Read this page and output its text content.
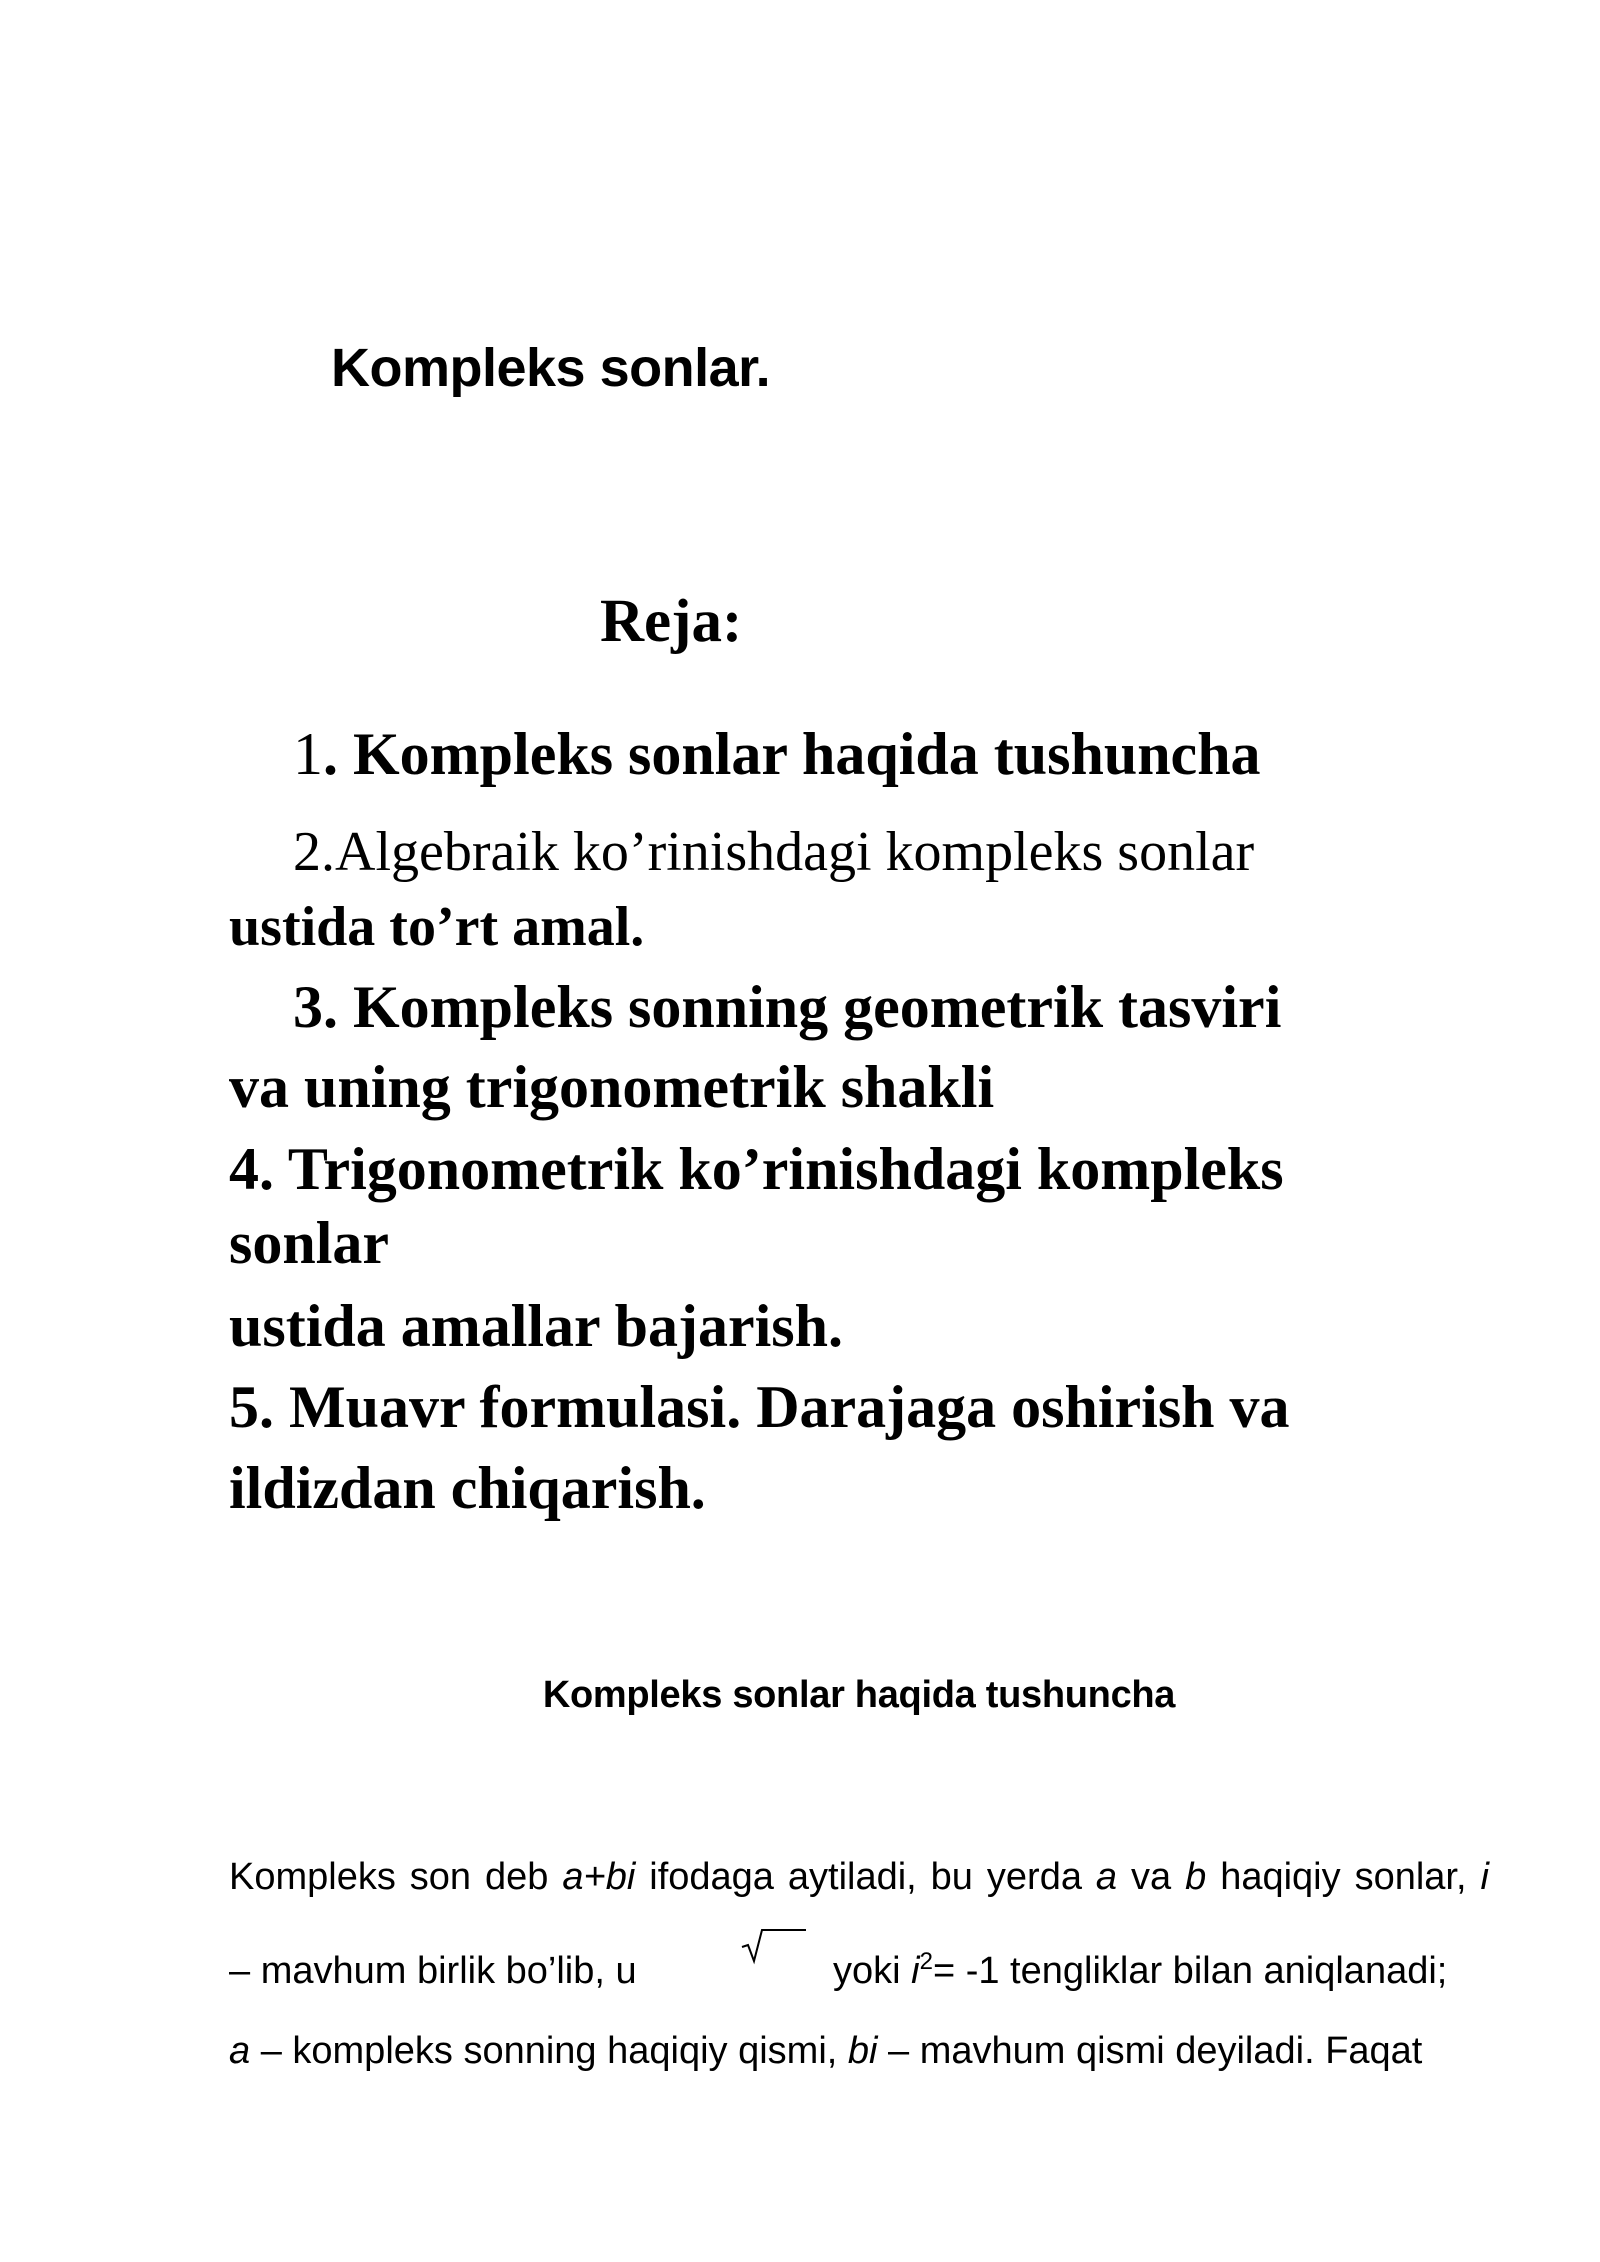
Kompleks sonlar.
Reja:

1. Kompleks sonlar haqida tushuncha

2.Algebraik ko’rinishdagi kompleks sonlar

ustida to’rt amal.

3. Kompleks sonning geometrik tasviri

va uning trigonometrik shakli

4. Trigonometrik ko’rinishdagi kompleks

sonlar

ustida amallar bajarish.

5. Muavr formulasi. Darajaga oshirish va

ildizdan chiqarish.

Kompleks sonlar haqida tushuncha

Kompleks son deb a+bi ifodaga aytiladi, bu yerda a va b haqiqiy sonlar, i

– mavhum birlik bo’lib, u	yoki $i^2= -1$ tengliklar bilan aniqlanadi;

a – kompleks sonning haqiqiy qismi, bi – mavhum qismi deyiladi. Faqat
